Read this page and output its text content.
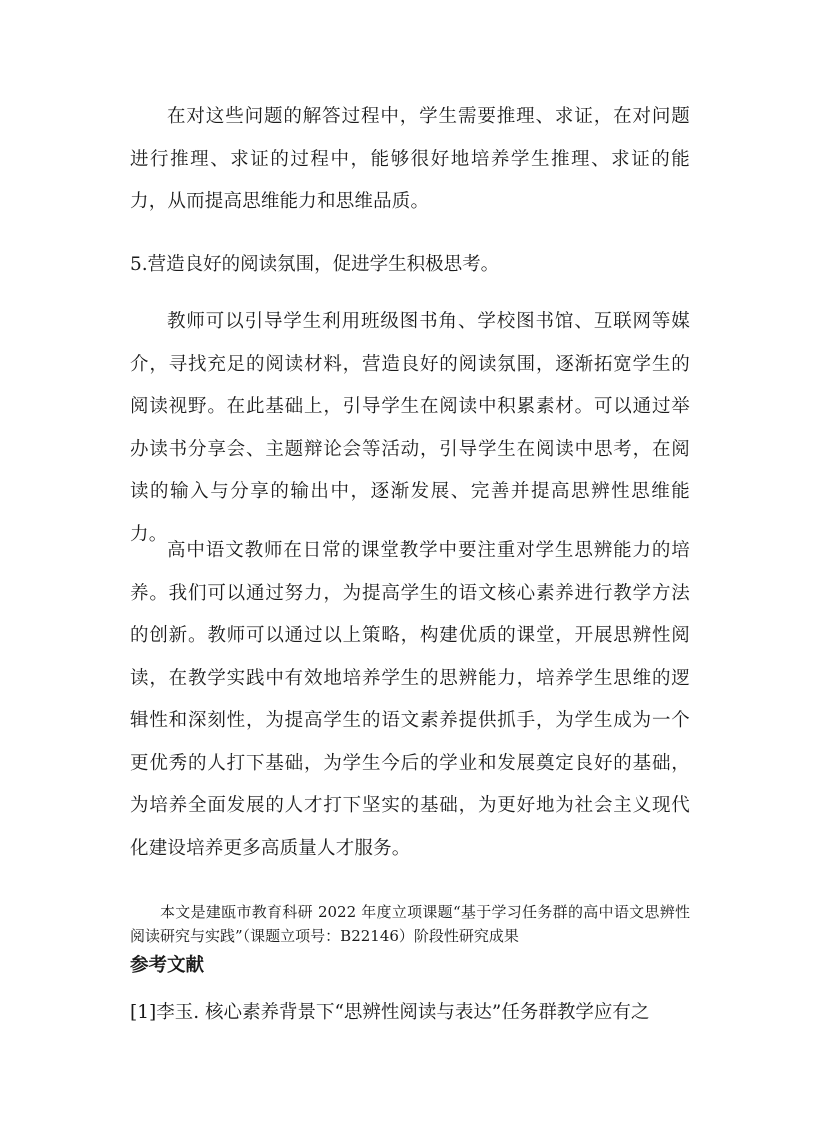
在对这些问题的解答过程中，学生需要推理、求证，在对问题进行推理、求证的过程中，能够很好地培养学生推理、求证的能力，从而提高思维能力和思维品质。

5.营造良好的阅读氛围，促进学生积极思考。

教师可以引导学生利用班级图书角、学校图书馆、互联网等媒介，寻找充足的阅读材料，营造良好的阅读氛围，逐渐拓宽学生的阅读视野。在此基础上，引导学生在阅读中积累素材。可以通过举办读书分享会、主题辩论会等活动，引导学生在阅读中思考，在阅读的输入与分享的输出中，逐渐发展、完善并提高思辨性思维能力。

高中语文教师在日常的课堂教学中要注重对学生思辨能力的培养。我们可以通过努力，为提高学生的语文核心素养进行教学方法的创新。教师可以通过以上策略，构建优质的课堂，开展思辨性阅读，在教学实践中有效地培养学生的思辨能力，培养学生思维的逻辑性和深刻性，为提高学生的语文素养提供抓手，为学生成为一个更优秀的人打下基础，为学生今后的学业和发展奠定良好的基础，为培养全面发展的人才打下坚实的基础，为更好地为社会主义现代化建设培养更多高质量人才服务。

本文是建瓯市教育科研 2022 年度立项课题“基于学习任务群的高中语文思辨性阅读研究与实践”（课题立项号：B22146）阶段性研究成果

参考文献

[1]李玉. 核心素养背景下“思辨性阅读与表达”任务群教学应有之
